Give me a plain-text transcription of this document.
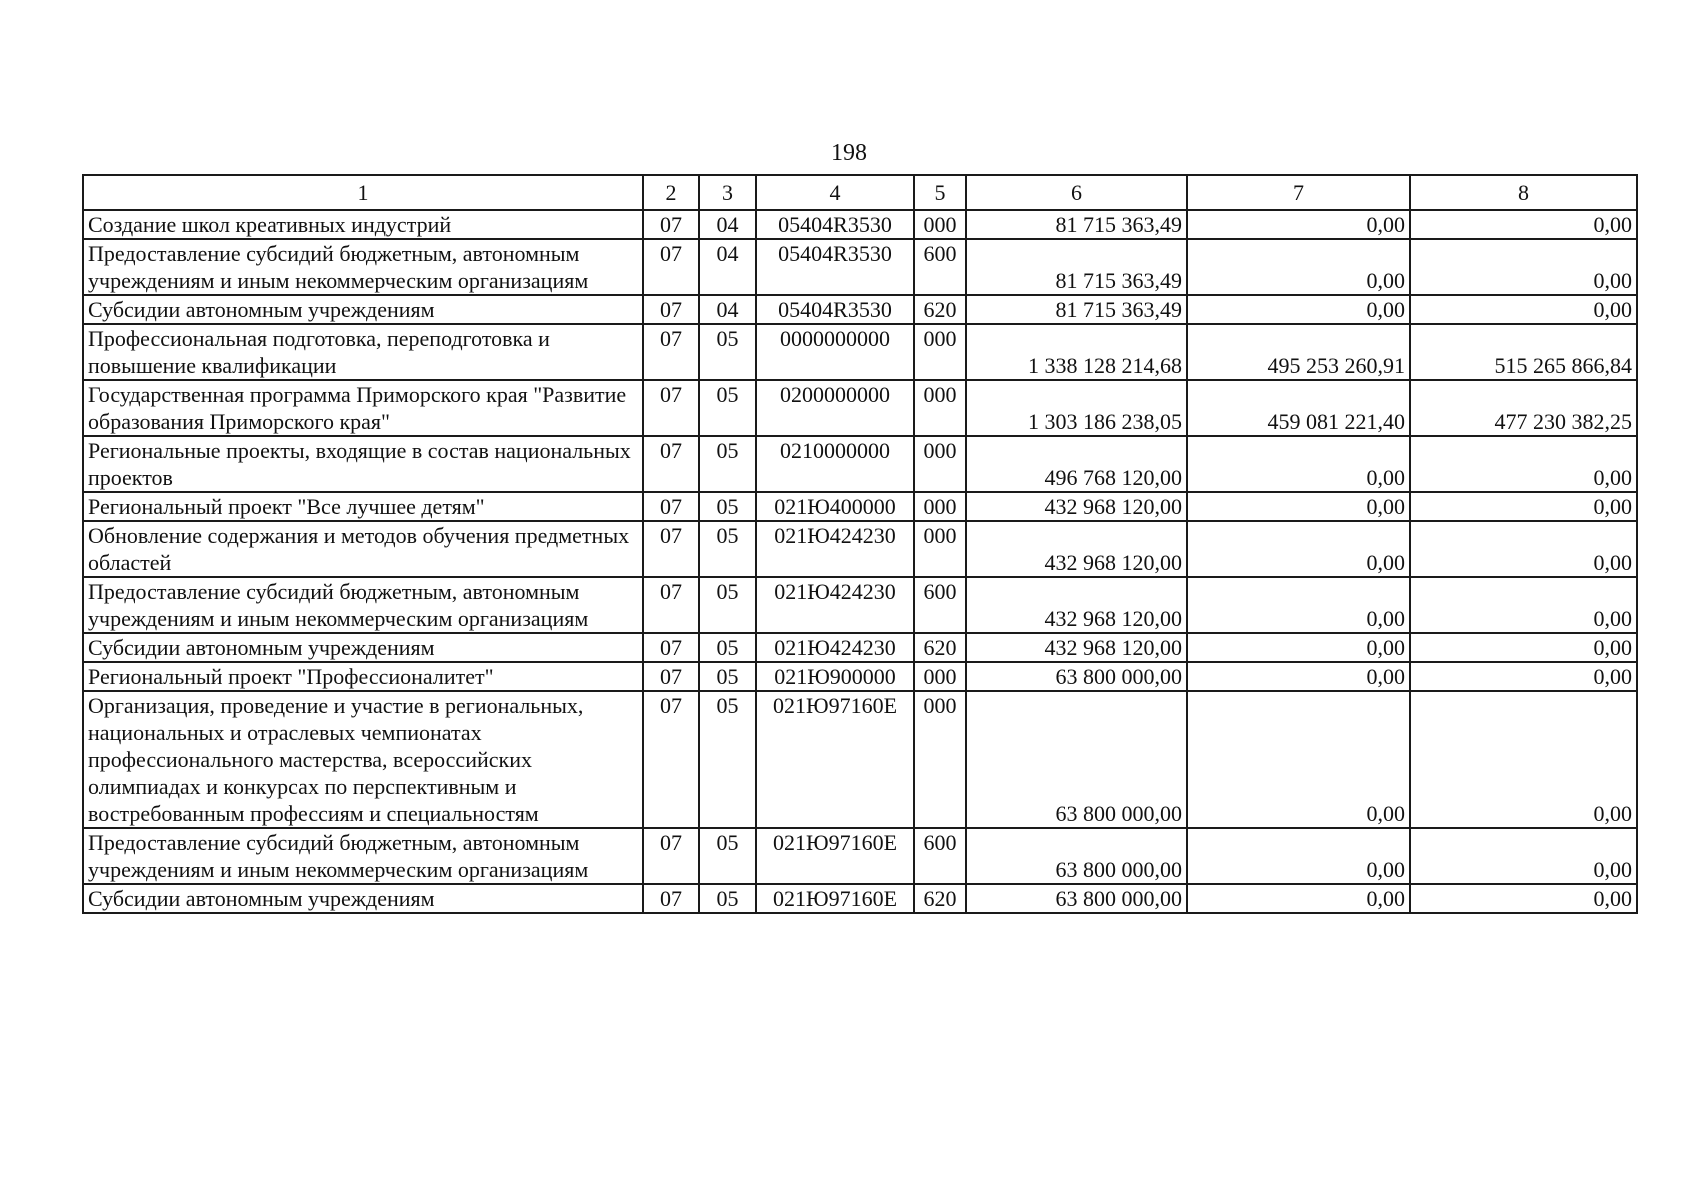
198
1	2	3	4	5	6	7	8
Создание школ креативных индустрий	07	04	05404R3530	000	81 715 363,49	0,00	0,00
Предоставление субсидий бюджетным, автономным учреждениям и иным некоммерческим организациям	07	04	05404R3530	600	81 715 363,49	0,00	0,00
Субсидии автономным учреждениям	07	04	05404R3530	620	81 715 363,49	0,00	0,00
Профессиональная подготовка, переподготовка и повышение квалификации	07	05	0000000000	000	1 338 128 214,68	495 253 260,91	515 265 866,84
Государственная программа Приморского края "Развитие образования Приморского края"	07	05	0200000000	000	1 303 186 238,05	459 081 221,40	477 230 382,25
Региональные проекты, входящие в состав национальных проектов	07	05	0210000000	000	496 768 120,00	0,00	0,00
Региональный проект "Все лучшее детям"	07	05	021Ю400000	000	432 968 120,00	0,00	0,00
Обновление содержания и методов обучения предметных областей	07	05	021Ю424230	000	432 968 120,00	0,00	0,00
Предоставление субсидий бюджетным, автономным учреждениям и иным некоммерческим организациям	07	05	021Ю424230	600	432 968 120,00	0,00	0,00
Субсидии автономным учреждениям	07	05	021Ю424230	620	432 968 120,00	0,00	0,00
Региональный проект "Профессионалитет"	07	05	021Ю900000	000	63 800 000,00	0,00	0,00
Организация, проведение и участие в региональных, национальных и отраслевых чемпионатах профессионального мастерства, всероссийских олимпиадах и конкурсах по перспективным и востребованным профессиям и специальностям	07	05	021Ю97160Е	000	63 800 000,00	0,00	0,00
Предоставление субсидий бюджетным, автономным учреждениям и иным некоммерческим организациям	07	05	021Ю97160Е	600	63 800 000,00	0,00	0,00
Субсидии автономным учреждениям	07	05	021Ю97160Е	620	63 800 000,00	0,00	0,00
